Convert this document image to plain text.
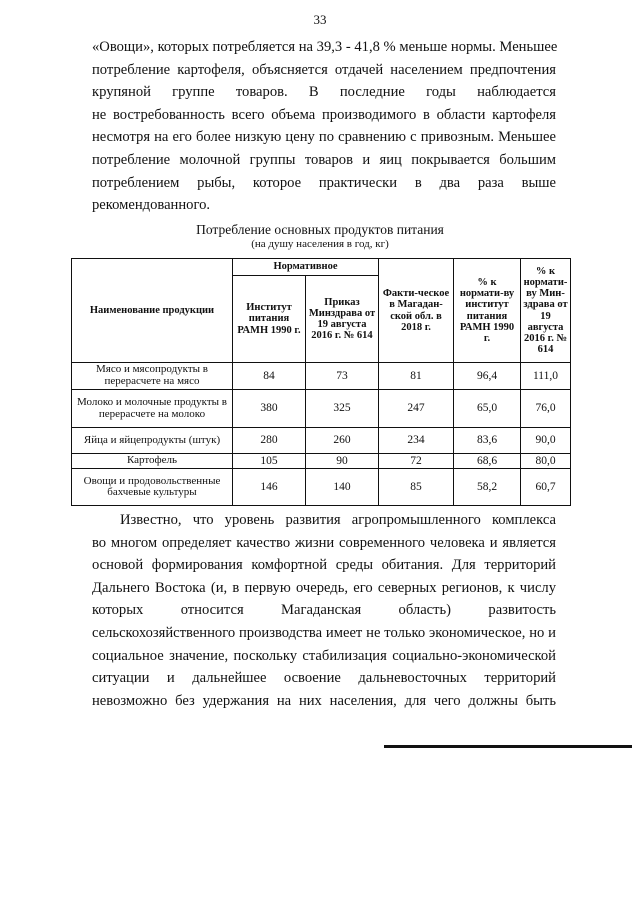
33
«Овощи», которых потребляется на 39,3 - 41,8 % меньше нормы. Меньшее
потребление картофеля, объясняется отдачей населением предпочтения
крупяной группе товаров. В последние годы наблюдается
не востребованность всего объема производимого в области картофеля
несмотря на его более низкую цену по сравнению с привозным. Меньшее
потребление молочной группы товаров и яиц покрывается большим
потреблением рыбы, которое практически в два раза выше
рекомендованного.
Потребление основных продуктов питания
(на душу населения в год, кг)
Наименование продукции	Нормативное		Факти-ческое в Магадан-ской обл. в 2018 г.	% к нормати-ву институт питания РАМН 1990 г.	% к нормати-ву Мин-здрава от 19 августа 2016 г. № 614
	Институт питания РАМН 1990 г.	Приказ Минздрава от 19 августа 2016 г. № 614			
Мясо и мясопродукты в перерасчете на мясо	84	73	81	96,4	111,0
Молоко и молочные продукты в перерасчете на молоко	380	325	247	65,0	76,0
Яйца и яйцепродукты (штук)	280	260	234	83,6	90,0
Картофель	105	90	72	68,6	80,0
Овощи и продовольственные бахчевые культуры	146	140	85	58,2	60,7
Известно, что уровень развития агропромышленного комплекса
во многом определяет качество жизни современного человека и является
основой формирования комфортной среды обитания. Для территорий
Дальнего Востока (и, в первую очередь, его северных регионов, к числу
которых относится Магаданская область) развитость
сельскохозяйственного производства имеет не только экономическое, но и
социальное значение, поскольку стабилизация социально-экономической
ситуации и дальнейшее освоение дальневосточных территорий
невозможно без удержания на них населения, для чего должны быть
